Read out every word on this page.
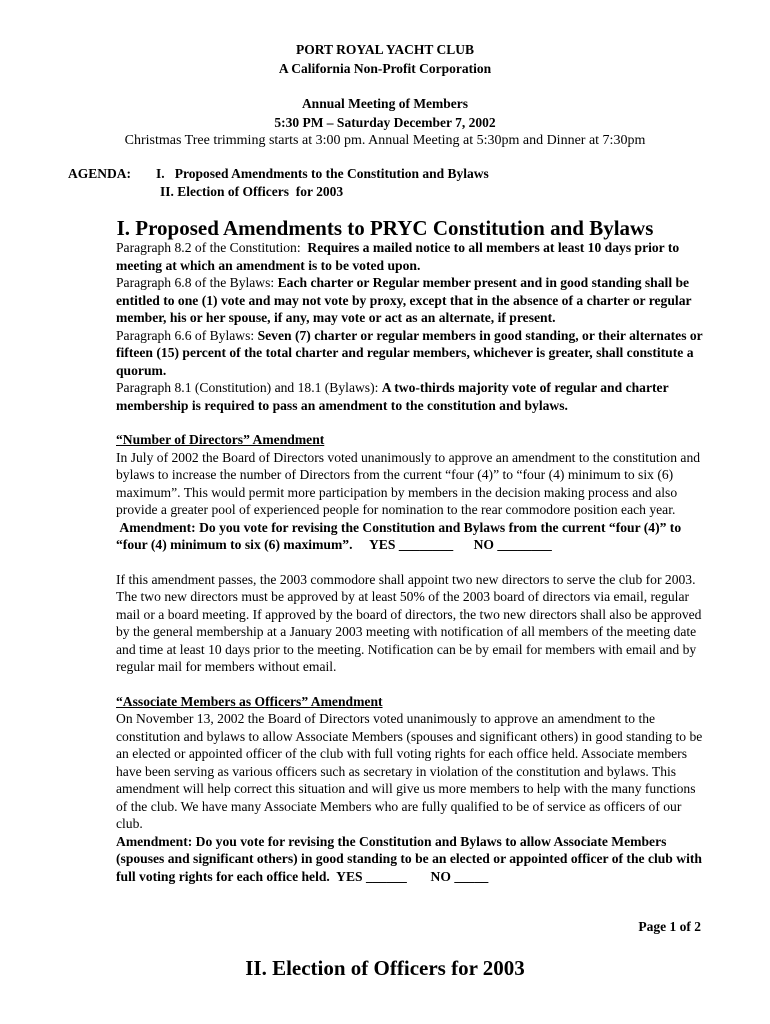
PORT ROYAL YACHT CLUB
A California Non-Profit Corporation
Annual Meeting of Members
5:30 PM – Saturday December 7, 2002
Christmas Tree trimming starts at 3:00 pm. Annual Meeting at 5:30pm and Dinner at 7:30pm
AGENDA: I.   Proposed Amendments to the Constitution and Bylaws
II. Election of Officers  for 2003
I. Proposed Amendments to PRYC Constitution and Bylaws

Paragraph 8.2 of the Constitution:  Requires a mailed notice to all members at least 10 days prior to meeting at which an amendment is to be voted upon.

Paragraph 6.8 of the Bylaws: Each charter or Regular member present and in good standing shall be entitled to one (1) vote and may not vote by proxy, except that in the absence of a charter or regular member, his or her spouse, if any, may vote or act as an alternate, if present.

Paragraph 6.6 of Bylaws: Seven (7) charter or regular members in good standing, or their alternates or fifteen (15) percent of the total charter and regular members, whichever is greater, shall constitute a quorum.

Paragraph 8.1 (Constitution) and 18.1 (Bylaws): A two-thirds majority vote of regular and charter membership is required to pass an amendment to the constitution and bylaws.

“Number of Directors” Amendment

In July of 2002 the Board of Directors voted unanimously to approve an amendment to the constitution and bylaws to increase the number of Directors from the current “four (4)” to “four (4) minimum to six (6) maximum”. This would permit more participation by members in the decision making process and also provide a greater pool of experienced people for nomination to the rear commodore position each year.

Amendment: Do you vote for revising the Constitution and Bylaws from the current “four (4)” to “four (4) minimum to six (6) maximum”.     YES ________      NO ________

If this amendment passes, the 2003 commodore shall appoint two new directors to serve the club for 2003. The two new directors must be approved by at least 50% of the 2003 board of directors via email, regular mail or a board meeting. If approved by the board of directors, the two new directors shall also be approved by the general membership at a January 2003 meeting with notification of all members of the meeting date and time at least 10 days prior to the meeting. Notification can be by email for members with email and by regular mail for members without email.

“Associate Members as Officers” Amendment

On November 13, 2002 the Board of Directors voted unanimously to approve an amendment to the constitution and bylaws to allow Associate Members (spouses and significant others) in good standing to be an elected or appointed officer of the club with full voting rights for each office held. Associate members have been serving as various officers such as secretary in violation of the constitution and bylaws. This amendment will help correct this situation and will give us more members to help with the many functions of the club. We have many Associate Members who are fully qualified to be of service as officers of our club.

Amendment: Do you vote for revising the Constitution and Bylaws to allow Associate Members (spouses and significant others) in good standing to be an elected or appointed officer of the club with full voting rights for each office held.  YES ______       NO _____

Page 1 of 2
II. Election of Officers for 2003
